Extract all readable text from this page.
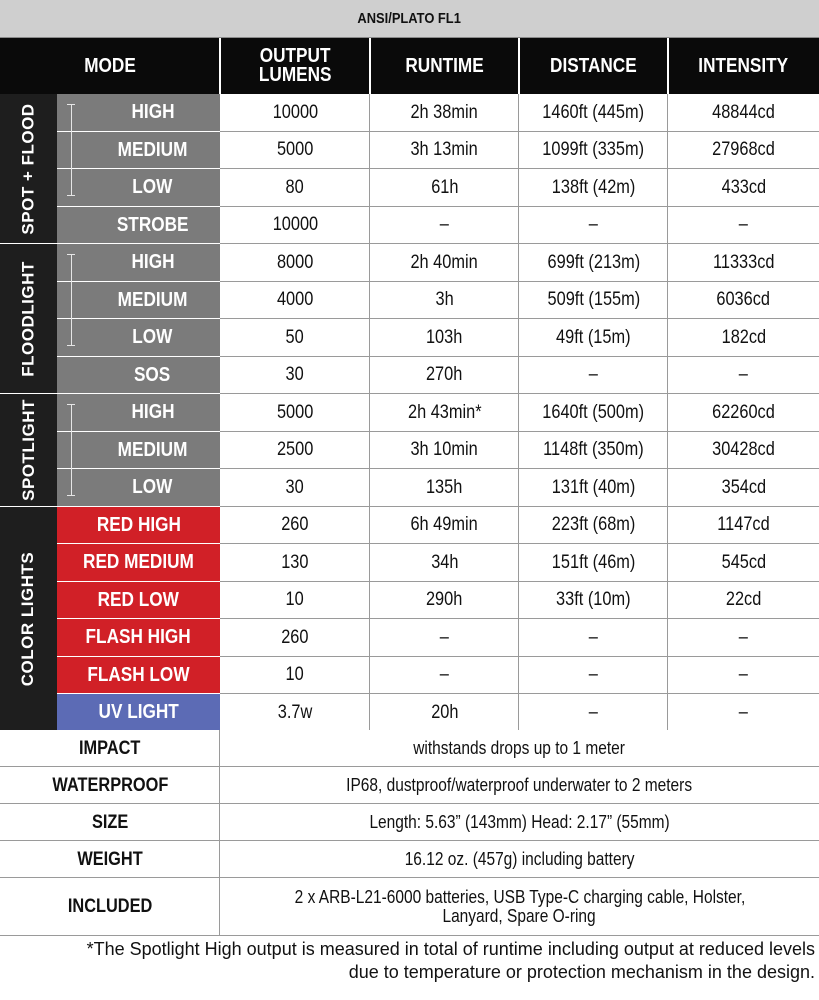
ANSI/PLATO FL1
MODE	OUTPUT
LUMENS	RUNTIME	DISTANCE	INTENSITY
SPOT + FLOOD	HIGH	10000	2h 38min	1460ft (445m)	48844cd
MEDIUM	5000	3h 13min	1099ft (335m)	27968cd
LOW	80	61h	138ft (42m)	433cd
STROBE	10000	–	–	–
FLOODLIGHT	HIGH	8000	2h 40min	699ft (213m)	11333cd
MEDIUM	4000	3h	509ft (155m)	6036cd
LOW	50	103h	49ft (15m)	182cd
SOS	30	270h	–	–
SPOTLIGHT	HIGH	5000	2h 43min*	1640ft (500m)	62260cd
MEDIUM	2500	3h 10min	1148ft (350m)	30428cd
LOW	30	135h	131ft (40m)	354cd
COLOR LIGHTS
RED HIGH	260	6h 49min	223ft (68m)	1147cd
RED MEDIUM	130	34h	151ft (46m)	545cd
RED LOW	10	290h	33ft (10m)	22cd
FLASH HIGH	260	–	–	–
FLASH LOW	10	–	–	–
UV LIGHT	3.7w	20h	–	–
IMPACT	withstands drops up to 1 meter
WATERPROOF	IP68, dustproof/waterproof underwater to 2 meters
SIZE	Length: 5.63” (143mm) Head: 2.17” (55mm)
WEIGHT	16.12 oz. (457g) including battery
INCLUDED	2 x ARB-L21-6000 batteries, USB Type-C charging cable, Holster,
Lanyard, Spare O-ring
*The Spotlight High output is measured in total of runtime including output at reduced levels
due to temperature or protection mechanism in the design.
